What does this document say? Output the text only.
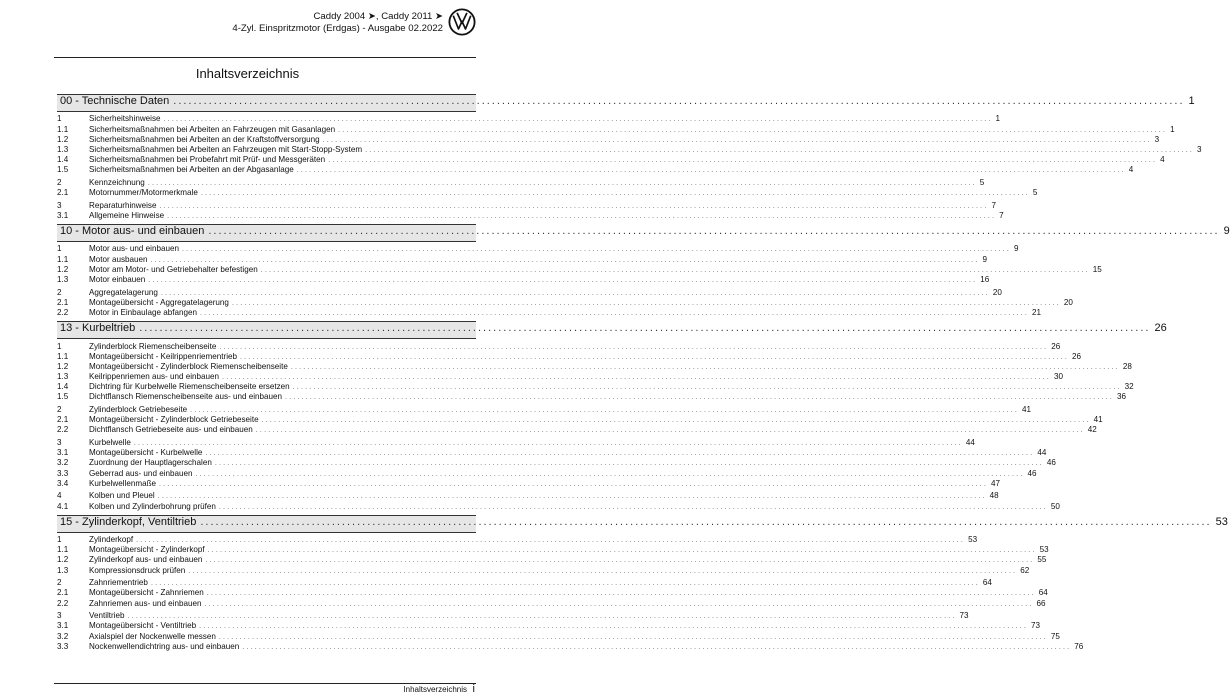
Caddy 2004 ➤, Caddy 2011 ➤
4-Zyl. Einspritzmotor (Erdgas) - Ausgabe 02.2022
Inhaltsverzeichnis
00 - Technische Daten ........................................................................................................................................................................................................ 1
1	Sicherheitshinweise ........................................................................................................................................................................................................ 1
1.1	Sicherheitsmaßnahmen bei Arbeiten an Fahrzeugen mit Gasanlagen ........................................................................................................................................................................................................ 1
1.2	Sicherheitsmaßnahmen bei Arbeiten an der Kraftstoffversorgung ........................................................................................................................................................................................................ 3
1.3	Sicherheitsmaßnahmen bei Arbeiten an Fahrzeugen mit Start-Stopp-System ........................................................................................................................................................................................................ 3
1.4	Sicherheitsmaßnahmen bei Probefahrt mit Prüf- und Messgeräten ........................................................................................................................................................................................................ 4
1.5	Sicherheitsmaßnahmen bei Arbeiten an der Abgasanlage ........................................................................................................................................................................................................ 4
2	Kennzeichnung ........................................................................................................................................................................................................ 5
2.1	Motornummer/Motormerkmale ........................................................................................................................................................................................................ 5
3	Reparaturhinweise ........................................................................................................................................................................................................ 7
3.1	Allgemeine Hinweise ........................................................................................................................................................................................................ 7
10 - Motor aus- und einbauen ........................................................................................................................................................................................................ 9
1	Motor aus- und einbauen ........................................................................................................................................................................................................ 9
1.1	Motor ausbauen ........................................................................................................................................................................................................ 9
1.2	Motor am Motor- und Getriebehalter befestigen ........................................................................................................................................................................................................ 15
1.3	Motor einbauen ........................................................................................................................................................................................................ 16
2	Aggregatelagerung ........................................................................................................................................................................................................ 20
2.1	Montageübersicht - Aggregatelagerung ........................................................................................................................................................................................................ 20
2.2	Motor in Einbaulage abfangen ........................................................................................................................................................................................................ 21
13 - Kurbeltrieb ........................................................................................................................................................................................................ 26
1	Zylinderblock Riemenscheibenseite ........................................................................................................................................................................................................ 26
1.1	Montageübersicht - Keilrippenriementrieb ........................................................................................................................................................................................................ 26
1.2	Montageübersicht - Zylinderblock Riemenscheibenseite ........................................................................................................................................................................................................ 28
1.3	Keilrippenriemen aus- und einbauen ........................................................................................................................................................................................................ 30
1.4	Dichtring für Kurbelwelle Riemenscheibenseite ersetzen ........................................................................................................................................................................................................ 32
1.5	Dichtflansch Riemenscheibenseite aus- und einbauen ........................................................................................................................................................................................................ 36
2	Zylinderblock Getriebeseite ........................................................................................................................................................................................................ 41
2.1	Montageübersicht - Zylinderblock Getriebeseite ........................................................................................................................................................................................................ 41
2.2	Dichtflansch Getriebeseite aus- und einbauen ........................................................................................................................................................................................................ 42
3	Kurbelwelle ........................................................................................................................................................................................................ 44
3.1	Montageübersicht - Kurbelwelle ........................................................................................................................................................................................................ 44
3.2	Zuordnung der Hauptlagerschalen ........................................................................................................................................................................................................ 46
3.3	Geberrad aus- und einbauen ........................................................................................................................................................................................................ 46
3.4	Kurbelwellenmaße ........................................................................................................................................................................................................ 47
4	Kolben und Pleuel ........................................................................................................................................................................................................ 48
4.1	Kolben und Zylinderbohrung prüfen ........................................................................................................................................................................................................ 50
15 - Zylinderkopf, Ventiltrieb ........................................................................................................................................................................................................ 53
1	Zylinderkopf ........................................................................................................................................................................................................ 53
1.1	Montageübersicht - Zylinderkopf ........................................................................................................................................................................................................ 53
1.2	Zylinderkopf aus- und einbauen ........................................................................................................................................................................................................ 55
1.3	Kompressionsdruck prüfen ........................................................................................................................................................................................................ 62
2	Zahnriementrieb ........................................................................................................................................................................................................ 64
2.1	Montageübersicht - Zahnriemen ........................................................................................................................................................................................................ 64
2.2	Zahnriemen aus- und einbauen ........................................................................................................................................................................................................ 66
3	Ventiltrieb ........................................................................................................................................................................................................ 73
3.1	Montageübersicht - Ventiltrieb ........................................................................................................................................................................................................ 73
3.2	Axialspiel der Nockenwelle messen ........................................................................................................................................................................................................ 75
3.3	Nockenwellendichtring aus- und einbauen ........................................................................................................................................................................................................ 76
Inhaltsverzeichnis i
